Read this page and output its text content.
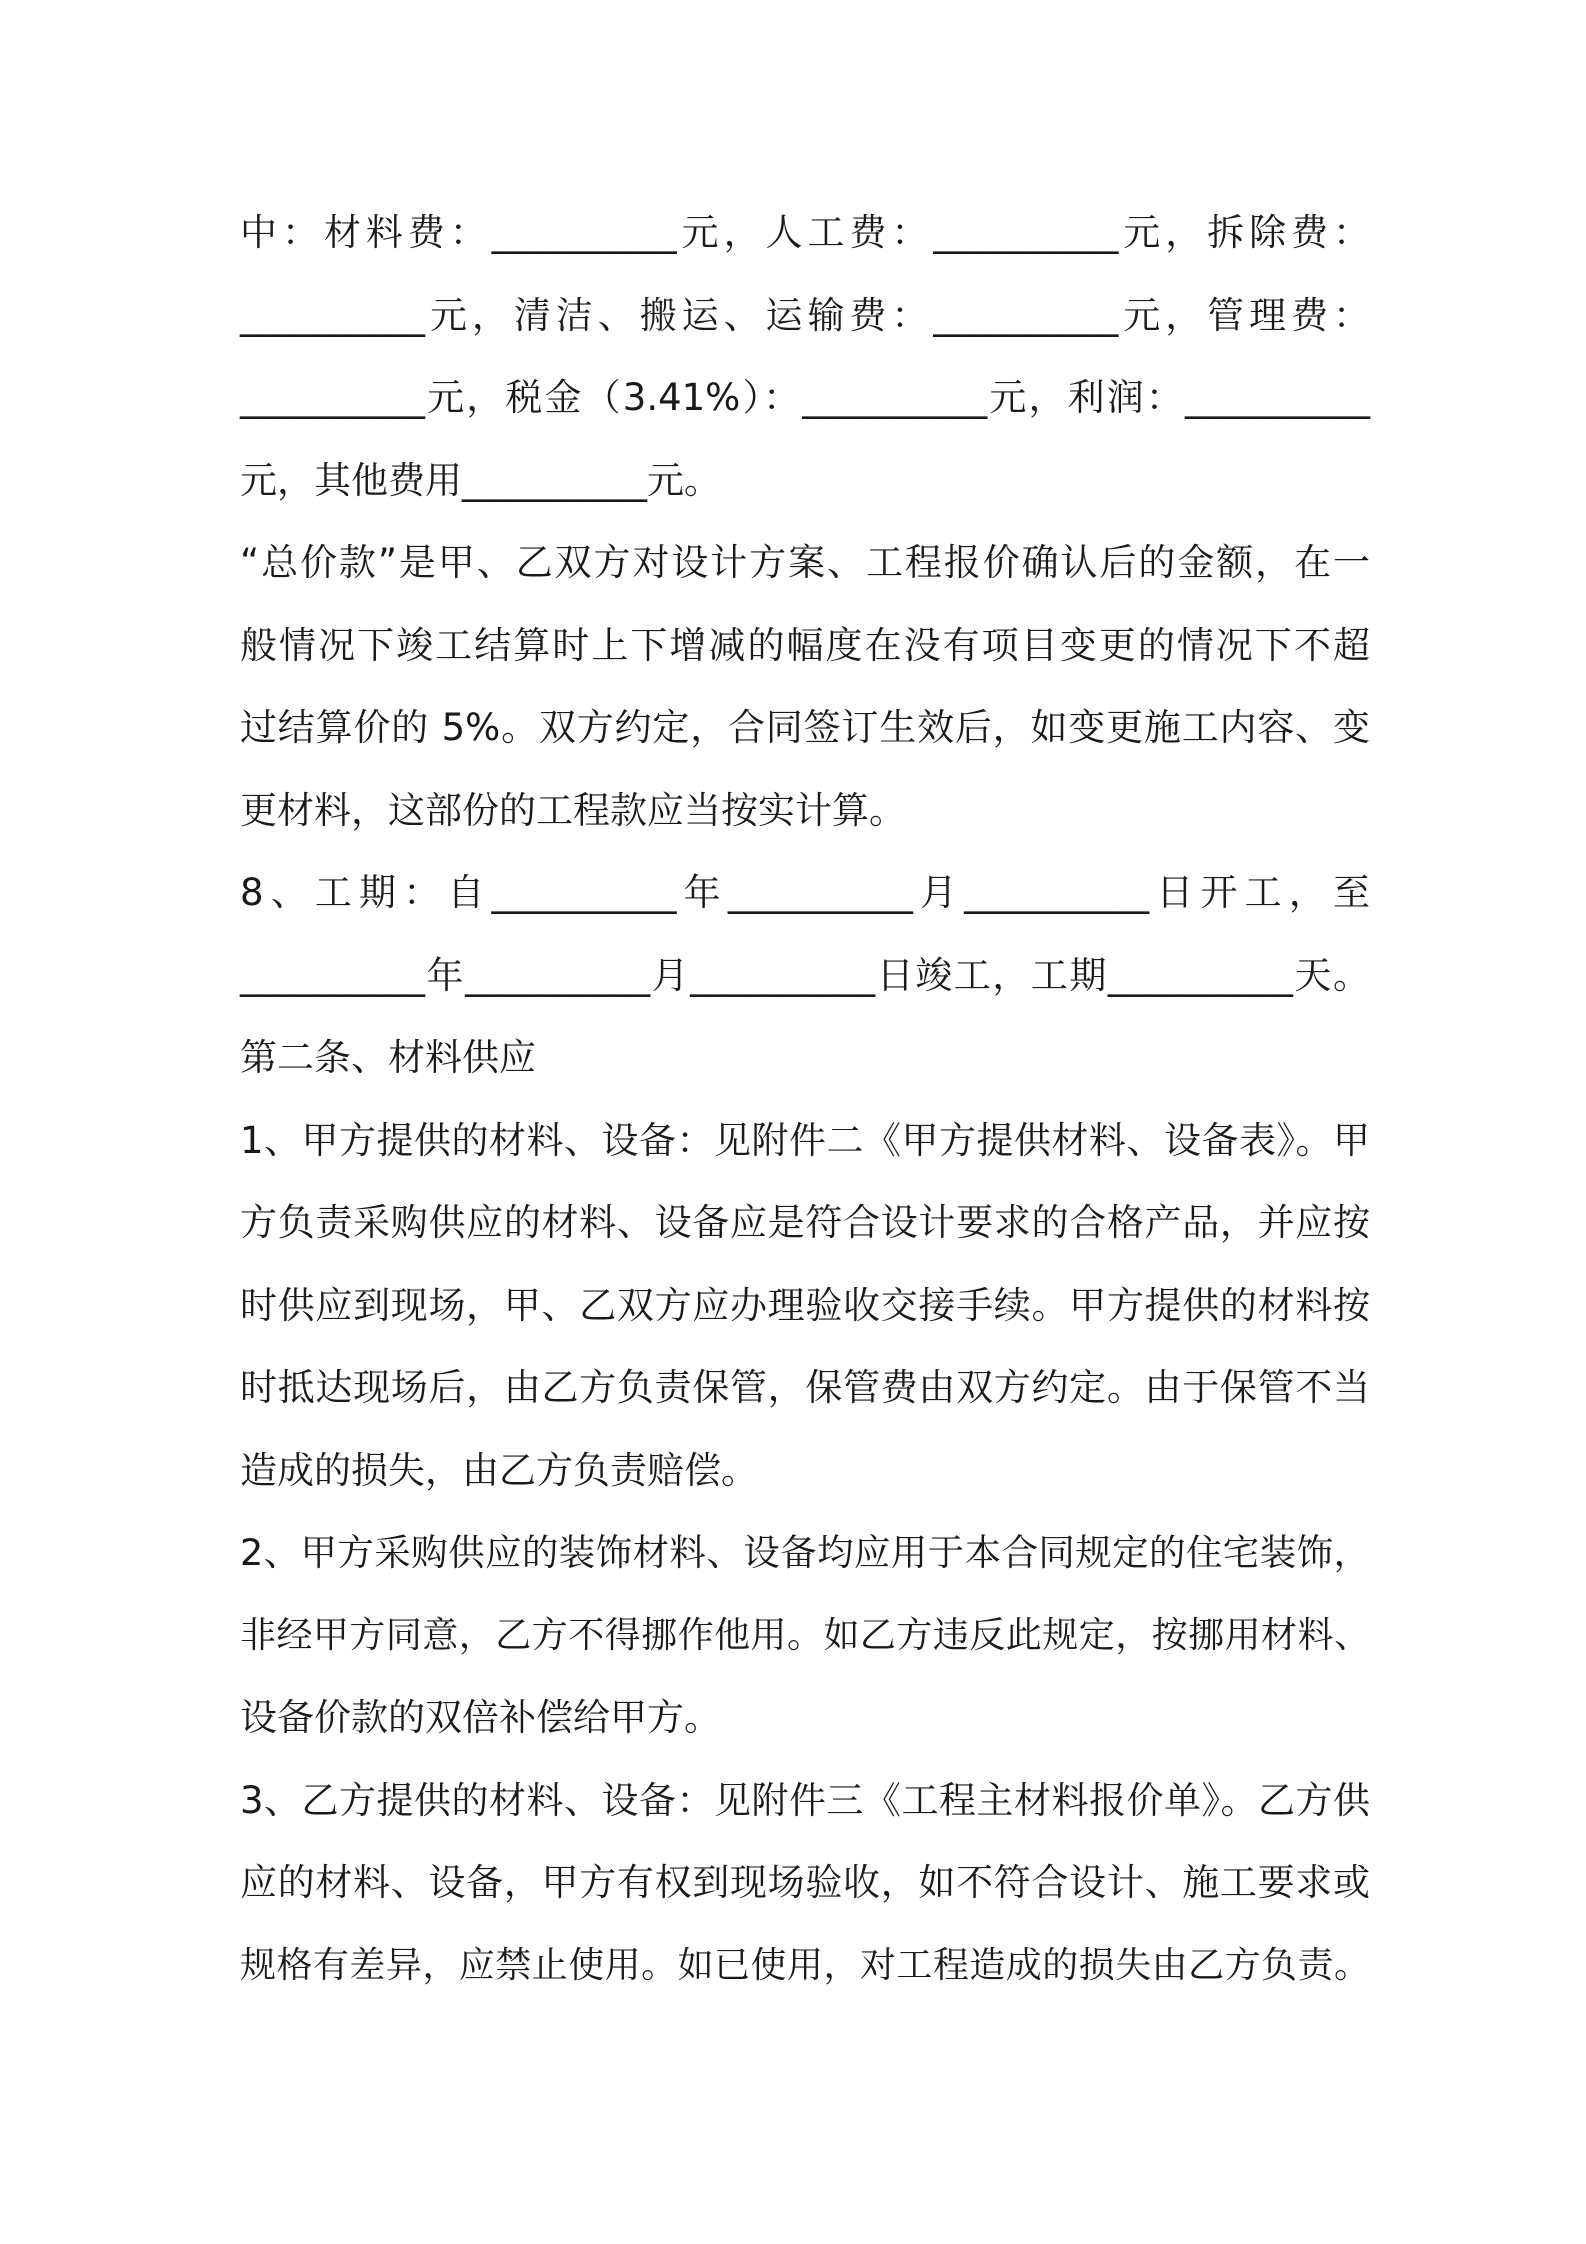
中：材料费：__________元，人工费：__________元，拆除费：
__________元，清洁、搬运、运输费：__________元，管理费：
__________元，税金（3.41%）：__________元，利润：__________
元，其他费用__________元。
“总价款”是甲、乙双方对设计方案、工程报价确认后的金额，在一
般情况下竣工结算时上下增减的幅度在没有项目变更的情况下不超
过结算价的 5%。双方约定，合同签订生效后，如变更施工内容、变
更材料，这部份的工程款应当按实计算。
8、工期：自__________年__________月__________日开工，至
__________年__________月__________日竣工，工期__________天。
第二条、材料供应
1、甲方提供的材料、设备：见附件二《甲方提供材料、设备表》。甲
方负责采购供应的材料、设备应是符合设计要求的合格产品，并应按
时供应到现场，甲、乙双方应办理验收交接手续。甲方提供的材料按
时抵达现场后，由乙方负责保管，保管费由双方约定。由于保管不当
造成的损失，由乙方负责赔偿。
2、甲方采购供应的装饰材料、设备均应用于本合同规定的住宅装饰，
非经甲方同意，乙方不得挪作他用。如乙方违反此规定，按挪用材料、
设备价款的双倍补偿给甲方。
3、乙方提供的材料、设备：见附件三《工程主材料报价单》。乙方供
应的材料、设备，甲方有权到现场验收，如不符合设计、施工要求或
规格有差异，应禁止使用。如已使用，对工程造成的损失由乙方负责。
